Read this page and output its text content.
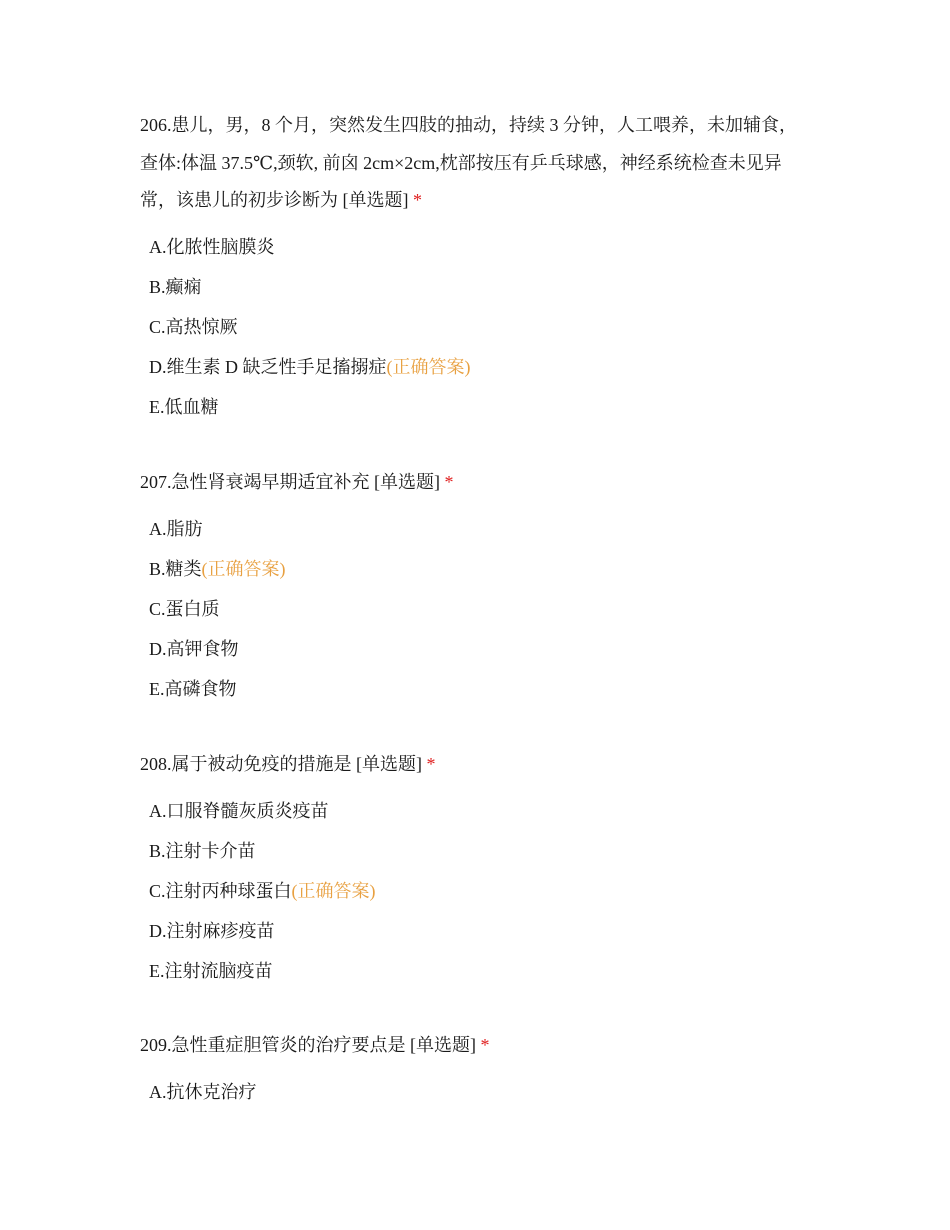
206.患儿，男，8 个月，突然发生四肢的抽动，持续 3 分钟，人工喂养，未加辅食，查体:体温 37.5℃,颈软, 前囟 2cm×2cm,枕部按压有乒乓球感，神经系统检查未见异常，该患儿的初步诊断为 [单选题] *

A.化脓性脑膜炎
B.癫痫
C.高热惊厥
D.维生素 D 缺乏性手足搐搦症(正确答案)
E.低血糖

207.急性肾衰竭早期适宜补充 [单选题] *

A.脂肪
B.糖类(正确答案)
C.蛋白质
D.高钾食物
E.高磷食物

208.属于被动免疫的措施是 [单选题] *

A.口服脊髓灰质炎疫苗
B.注射卡介苗
C.注射丙种球蛋白(正确答案)
D.注射麻疹疫苗
E.注射流脑疫苗

209.急性重症胆管炎的治疗要点是 [单选题] *

A.抗休克治疗
